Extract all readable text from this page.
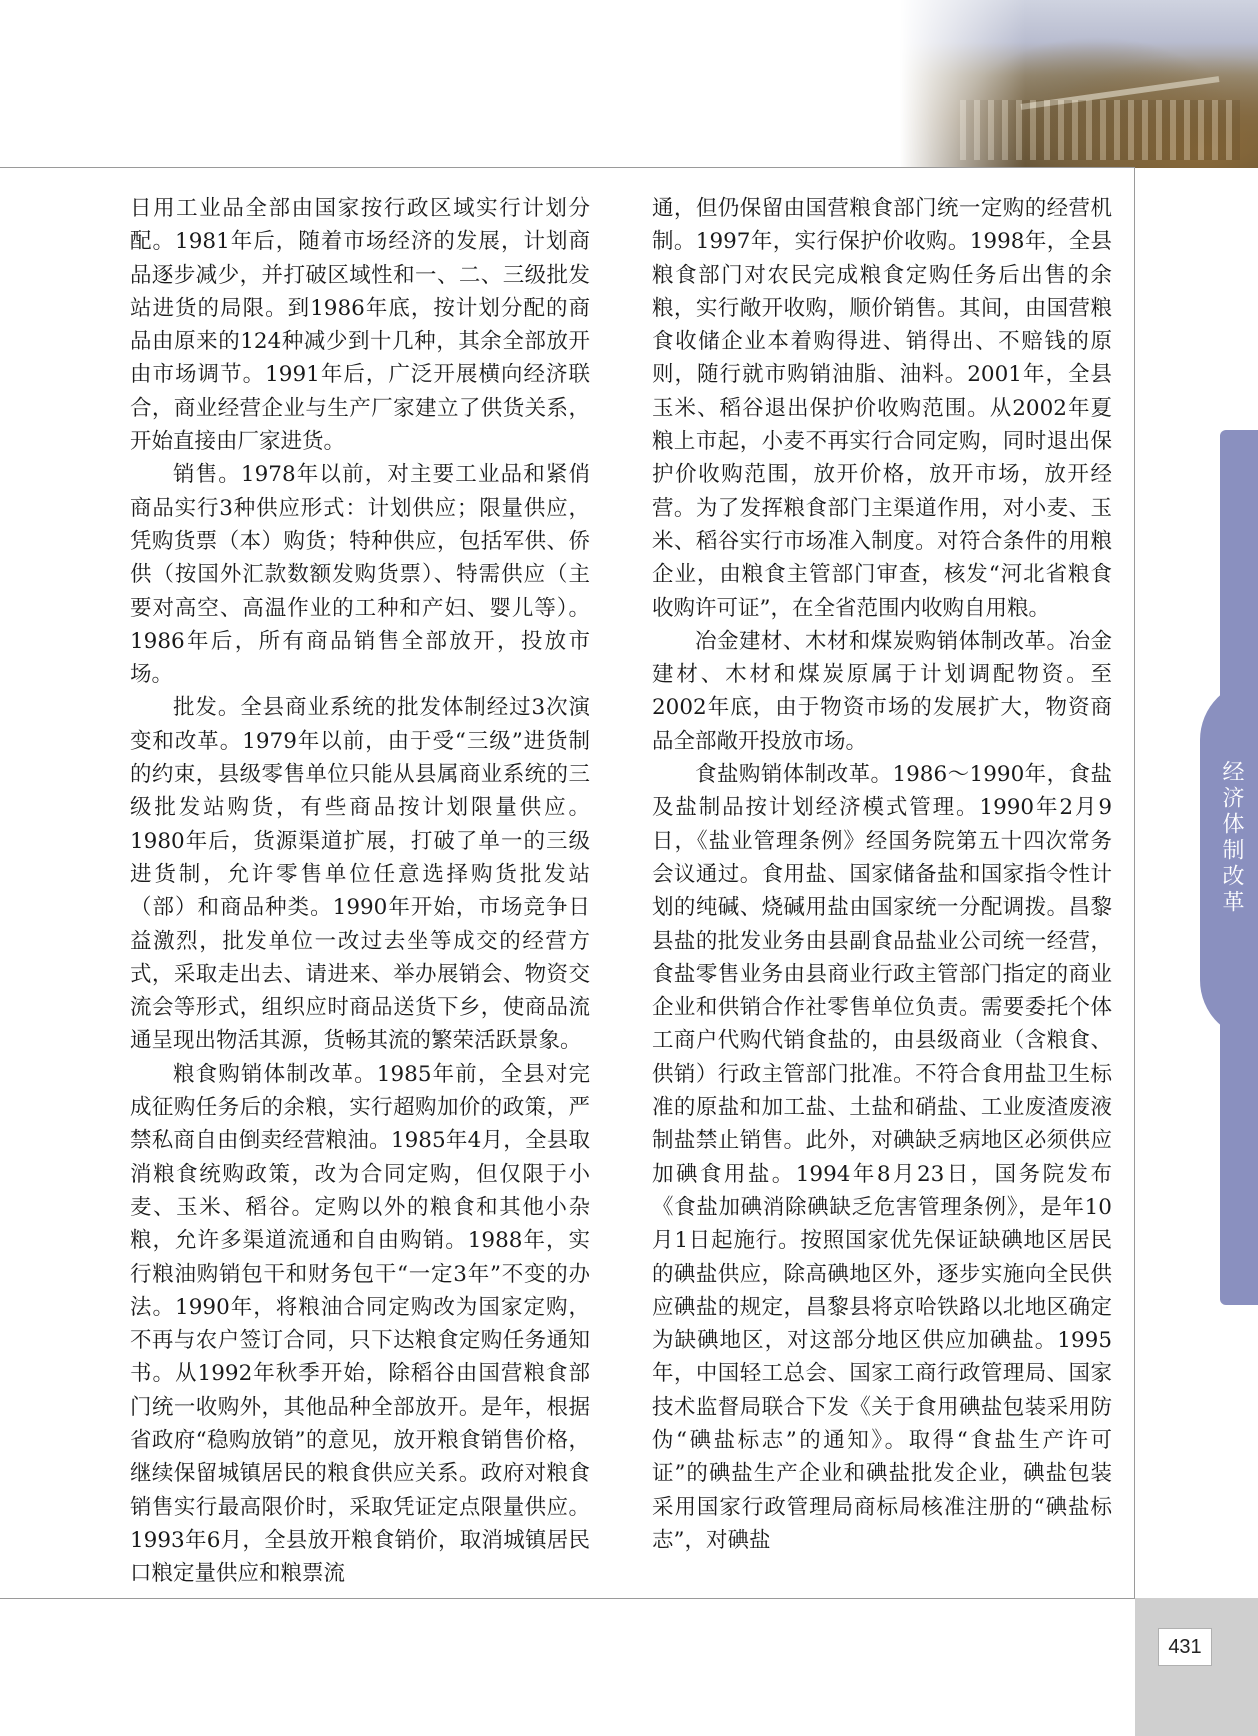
经济体制改革

日用工业品全部由国家按行政区域实行计划分配。1981年后，随着市场经济的发展，计划商品逐步减少，并打破区域性和一、二、三级批发站进货的局限。到1986年底，按计划分配的商品由原来的124种减少到十几种，其余全部放开由市场调节。1991年后，广泛开展横向经济联合，商业经营企业与生产厂家建立了供货关系，开始直接由厂家进货。

销售。1978年以前，对主要工业品和紧俏商品实行3种供应形式：计划供应；限量供应，凭购货票（本）购货；特种供应，包括军供、侨供（按国外汇款数额发购货票）、特需供应（主要对高空、高温作业的工种和产妇、婴儿等）。1986年后，所有商品销售全部放开，投放市场。

批发。全县商业系统的批发体制经过3次演变和改革。1979年以前，由于受“三级”进货制的约束，县级零售单位只能从县属商业系统的三级批发站购货，有些商品按计划限量供应。1980年后，货源渠道扩展，打破了单一的三级进货制，允许零售单位任意选择购货批发站（部）和商品种类。1990年开始，市场竞争日益激烈，批发单位一改过去坐等成交的经营方式，采取走出去、请进来、举办展销会、物资交流会等形式，组织应时商品送货下乡，使商品流通呈现出物活其源，货畅其流的繁荣活跃景象。

粮食购销体制改革。1985年前，全县对完成征购任务后的余粮，实行超购加价的政策，严禁私商自由倒卖经营粮油。1985年4月，全县取消粮食统购政策，改为合同定购，但仅限于小麦、玉米、稻谷。定购以外的粮食和其他小杂粮，允许多渠道流通和自由购销。1988年，实行粮油购销包干和财务包干“一定3年”不变的办法。1990年，将粮油合同定购改为国家定购，不再与农户签订合同，只下达粮食定购任务通知书。从1992年秋季开始，除稻谷由国营粮食部门统一收购外，其他品种全部放开。是年，根据省政府“稳购放销”的意见，放开粮食销售价格，继续保留城镇居民的粮食供应关系。政府对粮食销售实行最高限价时，采取凭证定点限量供应。1993年6月，全县放开粮食销价，取消城镇居民口粮定量供应和粮票流

通，但仍保留由国营粮食部门统一定购的经营机制。1997年，实行保护价收购。1998年，全县粮食部门对农民完成粮食定购任务后出售的余粮，实行敞开收购，顺价销售。其间，由国营粮食收储企业本着购得进、销得出、不赔钱的原则，随行就市购销油脂、油料。2001年，全县玉米、稻谷退出保护价收购范围。从2002年夏粮上市起，小麦不再实行合同定购，同时退出保护价收购范围，放开价格，放开市场，放开经营。为了发挥粮食部门主渠道作用，对小麦、玉米、稻谷实行市场准入制度。对符合条件的用粮企业，由粮食主管部门审查，核发“河北省粮食收购许可证”，在全省范围内收购自用粮。

冶金建材、木材和煤炭购销体制改革。冶金建材、木材和煤炭原属于计划调配物资。至2002年底，由于物资市场的发展扩大，物资商品全部敞开投放市场。

食盐购销体制改革。1986～1990年，食盐及盐制品按计划经济模式管理。1990年2月9日，《盐业管理条例》经国务院第五十四次常务会议通过。食用盐、国家储备盐和国家指令性计划的纯碱、烧碱用盐由国家统一分配调拨。昌黎县盐的批发业务由县副食品盐业公司统一经营，食盐零售业务由县商业行政主管部门指定的商业企业和供销合作社零售单位负责。需要委托个体工商户代购代销食盐的，由县级商业（含粮食、供销）行政主管部门批准。不符合食用盐卫生标准的原盐和加工盐、土盐和硝盐、工业废渣废液制盐禁止销售。此外，对碘缺乏病地区必须供应加碘食用盐。1994年8月23日，国务院发布《食盐加碘消除碘缺乏危害管理条例》，是年10月1日起施行。按照国家优先保证缺碘地区居民的碘盐供应，除高碘地区外，逐步实施向全民供应碘盐的规定，昌黎县将京哈铁路以北地区确定为缺碘地区，对这部分地区供应加碘盐。1995年，中国轻工总会、国家工商行政管理局、国家技术监督局联合下发《关于食用碘盐包装采用防伪“碘盐标志”的通知》。取得“食盐生产许可证”的碘盐生产企业和碘盐批发企业，碘盐包装采用国家行政管理局商标局核准注册的“碘盐标志”，对碘盐

431
